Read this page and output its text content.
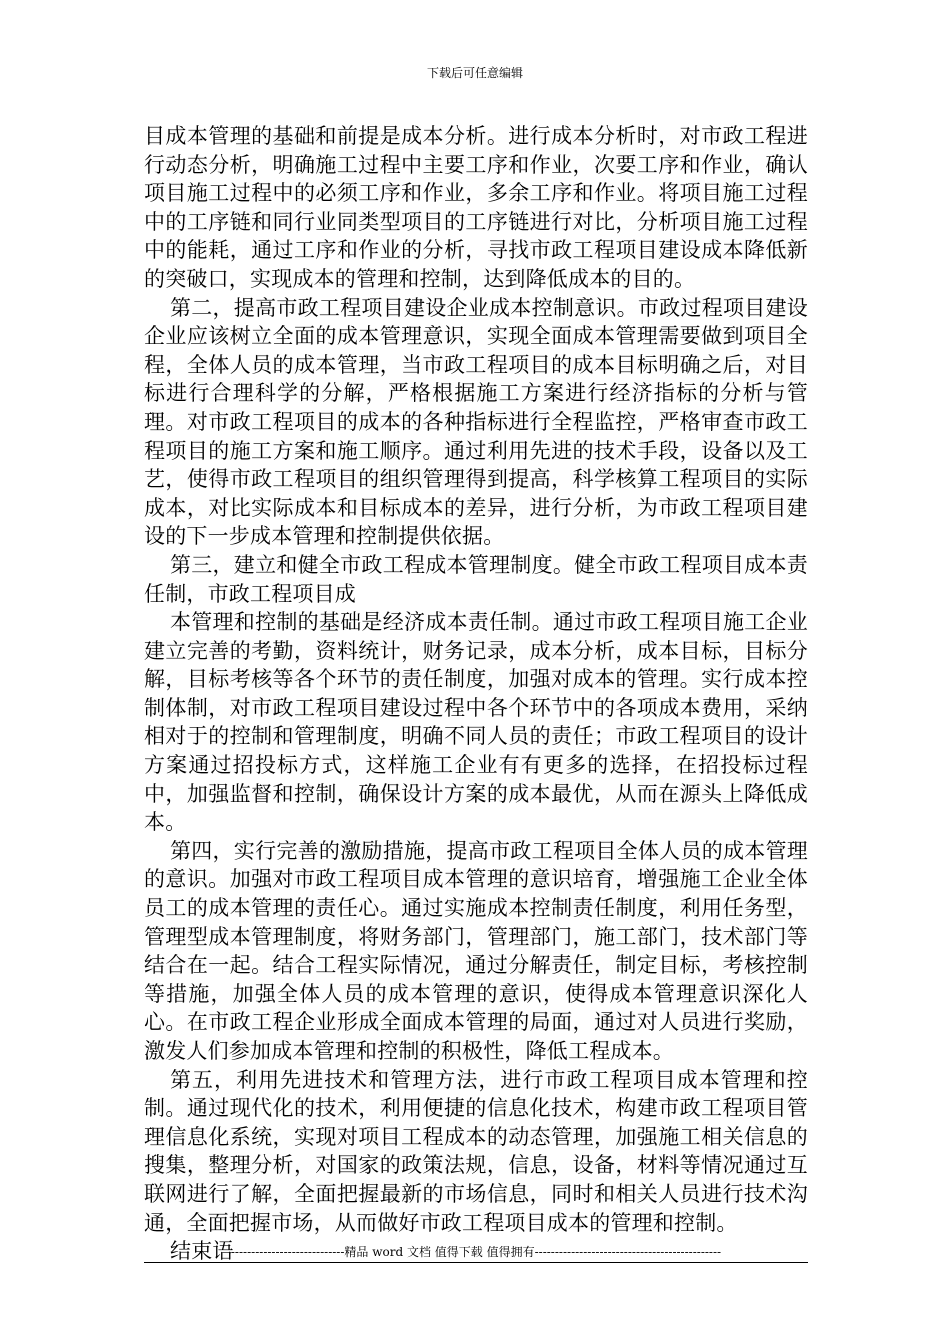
下载后可任意编辑

目成本管理的基础和前提是成本分析。进行成本分析时，对市政工程进行动态分析，明确施工过程中主要工序和作业，次要工序和作业，确认项目施工过程中的必须工序和作业，多余工序和作业。将项目施工过程中的工序链和同行业同类型项目的工序链进行对比，分析项目施工过程中的能耗，通过工序和作业的分析，寻找市政工程项目建设成本降低新的突破口，实现成本的管理和控制，达到降低成本的目的。

第二，提高市政工程项目建设企业成本控制意识。市政过程项目建设企业应该树立全面的成本管理意识，实现全面成本管理需要做到项目全程，全体人员的成本管理，当市政工程项目的成本目标明确之后，对目标进行合理科学的分解，严格根据施工方案进行经济指标的分析与管理。对市政工程项目的成本的各种指标进行全程监控，严格审查市政工程项目的施工方案和施工顺序。通过利用先进的技术手段，设备以及工艺，使得市政工程项目的组织管理得到提高，科学核算工程项目的实际成本，对比实际成本和目标成本的差异，进行分析，为市政工程项目建设的下一步成本管理和控制提供依据。

第三，建立和健全市政工程成本管理制度。健全市政工程项目成本责任制，市政工程项目成

本管理和控制的基础是经济成本责任制。通过市政工程项目施工企业建立完善的考勤，资料统计，财务记录，成本分析，成本目标，目标分解，目标考核等各个环节的责任制度，加强对成本的管理。实行成本控制体制，对市政工程项目建设过程中各个环节中的各项成本费用，采纳相对于的控制和管理制度，明确不同人员的责任；市政工程项目的设计方案通过招投标方式，这样施工企业有有更多的选择，在招投标过程中，加强监督和控制，确保设计方案的成本最优，从而在源头上降低成本。

第四，实行完善的激励措施，提高市政工程项目全体人员的成本管理的意识。加强对市政工程项目成本管理的意识培育，增强施工企业全体员工的成本管理的责任心。通过实施成本控制责任制度，利用任务型，管理型成本管理制度，将财务部门，管理部门，施工部门，技术部门等结合在一起。结合工程实际情况，通过分解责任，制定目标，考核控制等措施，加强全体人员的成本管理的意识，使得成本管理意识深化人心。在市政工程企业形成全面成本管理的局面，通过对人员进行奖励，激发人们参加成本管理和控制的积极性，降低工程成本。

第五，利用先进技术和管理方法，进行市政工程项目成本管理和控制。通过现代化的技术，利用便捷的信息化技术，构建市政工程项目管理信息化系统，实现对项目工程成本的动态管理，加强施工相关信息的搜集，整理分析，对国家的政策法规，信息，设备，材料等情况通过互联网进行了解，全面把握最新的市场信息，同时和相关人员进行技术沟通，全面把握市场，从而做好市政工程项目成本的管理和控制。

结束语

----------------------------精品 word 文档 值得下载 值得拥有----------------------------------------------
